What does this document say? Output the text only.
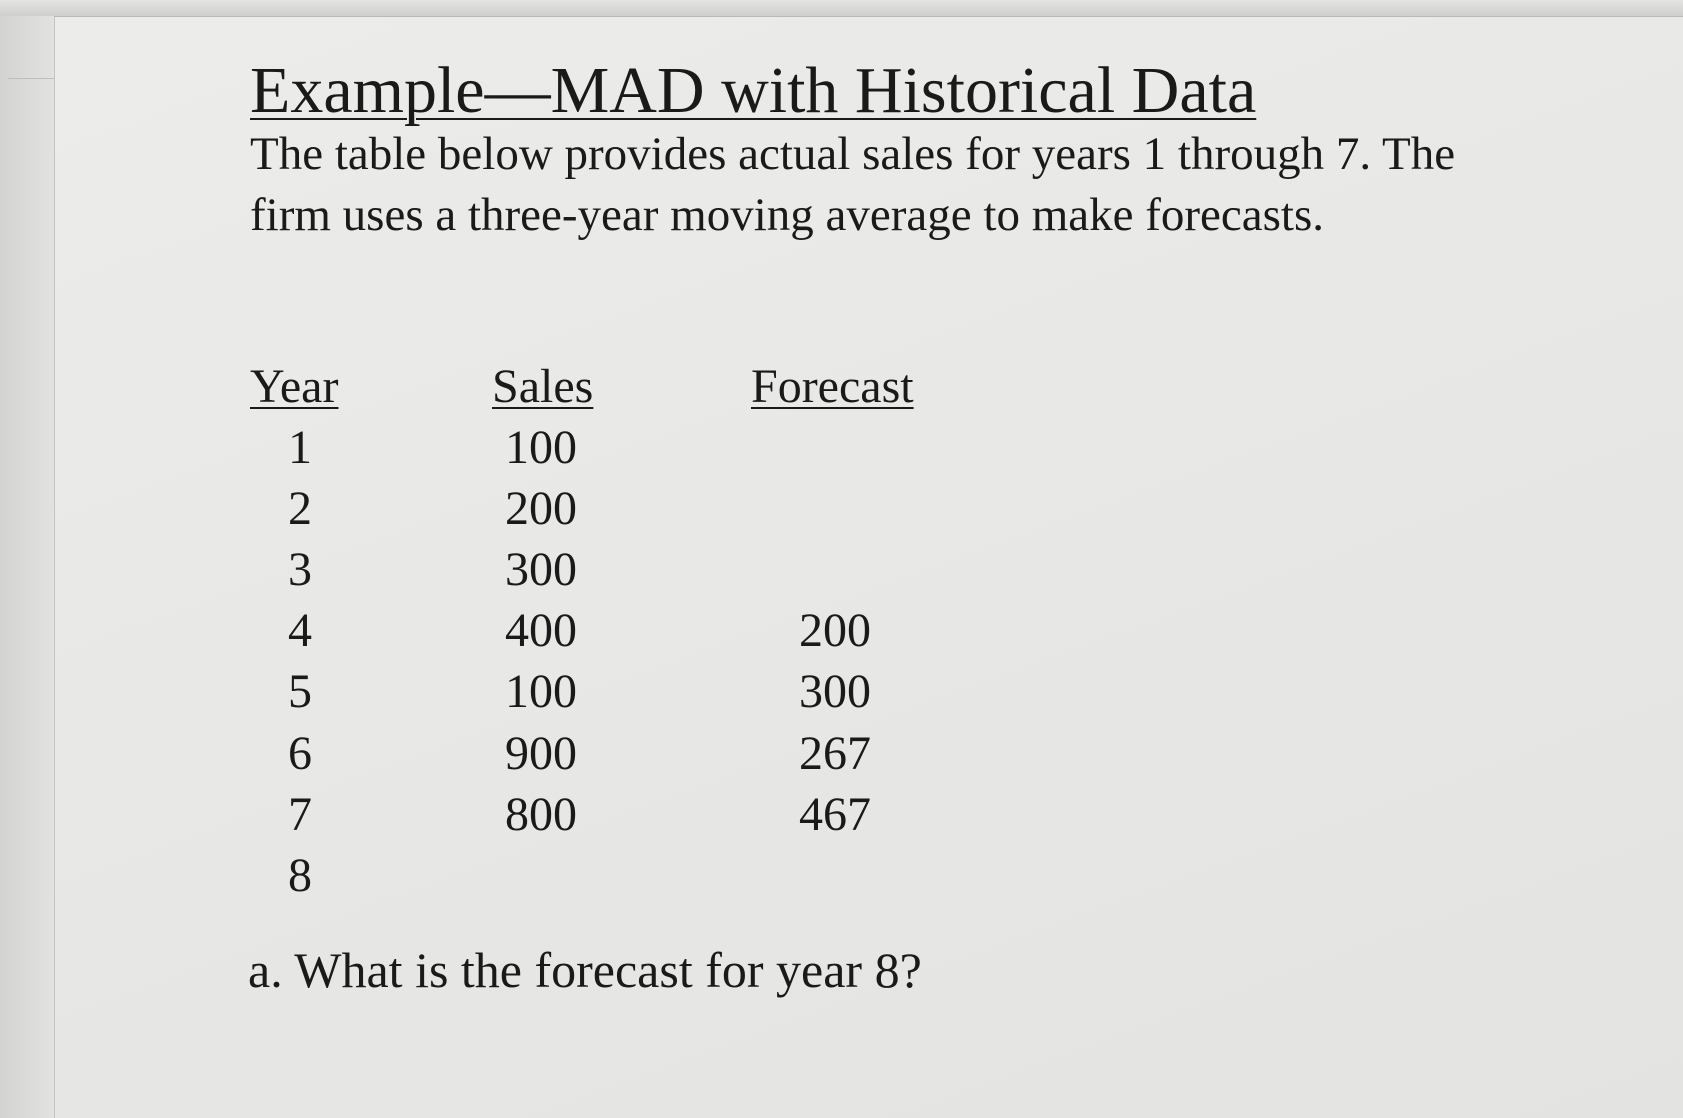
Example—MAD with Historical Data

The table below provides actual sales for years 1 through 7. The firm uses a three-year moving average to make forecasts.

Year	Sales	Forecast
1
2
3
4
5
6
7
8
100
200
300
400
100
900
800
200
300
267
467
a. What is the forecast for year 8?
